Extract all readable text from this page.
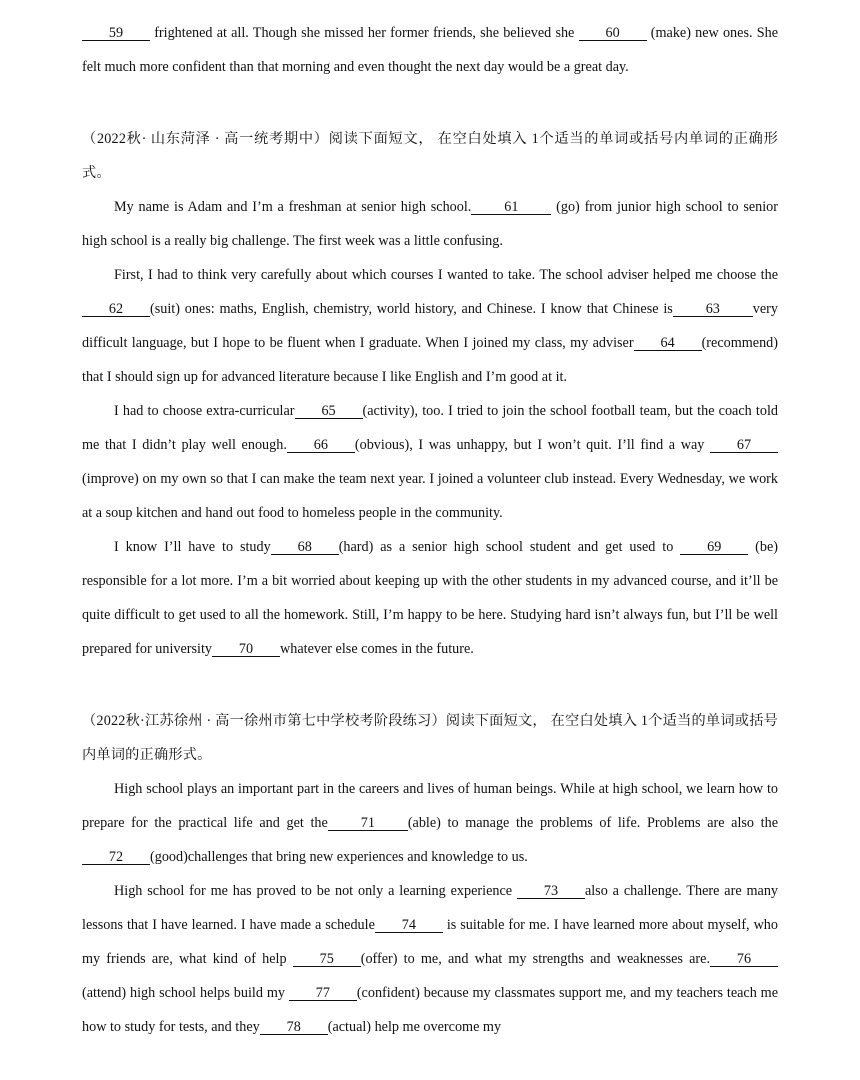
59 frightened at all. Though she missed her former friends, she believed she 60 (make) new ones. She felt much more confident than that morning and even thought the next day would be a great day.

（2022秋· 山东菏泽 · 高一统考期中）阅读下面短文， 在空白处填入 1个适当的单词或括号内单词的正确形式。

My name is Adam and I’m a freshman at senior high school. 61 (go) from junior high school to senior high school is a really big challenge. The first week was a little confusing.

First, I had to think very carefully about which courses I wanted to take. The school adviser helped me choose the62 (suit) ones: maths, English, chemistry, world history, and Chinese. I know that Chinese is 63 very difficult language, but I hope to be fluent when I graduate. When I joined my class, my adviser 64 (recommend) that I should sign up for advanced literature because I like English and I’m good at it.

I had to choose extra-curricular 65 (activity), too. I tried to join the school football team, but the coach told me that I didn’t play well enough. 66 (obvious), I was unhappy, but I won’t quit. I’ll find a way 67(improve) on my own so that I can make the team next year. I joined a volunteer club instead. Every Wednesday, we work at a soup kitchen and hand out food to homeless people in the community.

I know I’ll have to study 68 (hard) as a senior high school student and get used to 69 (be) responsible for a lot more. I’m a bit worried about keeping up with the other students in my advanced course, and it’ll be quite difficult to get used to all the homework. Still, I’m happy to be here. Studying hard isn’t always fun, but I’ll be well prepared for university 70 whatever else comes in the future.

（2022秋·江苏徐州 · 高一徐州市第七中学校考阶段练习）阅读下面短文， 在空白处填入 1个适当的单词或括号内单词的正确形式。

High school plays an important part in the careers and lives of human beings. While at high school, we learn how to prepare for the practical life and get the 71 (able) to manage the problems of life. Problems are also the 72 (good)challenges that bring new experiences and knowledge to us.

High school for me has proved to be not only a learning experience 73 also a challenge. There are many lessons that I have learned. I have made a schedule 74 is suitable for me. I have learned more about myself, who my friends are, what kind of help 75 (offer) to me, and what my strengths and weaknesses are. 76(attend) high school helps build my 77 (confident) because my classmates support me, and my teachers teach me how to study for tests, and they 78 (actual) help me overcome my
